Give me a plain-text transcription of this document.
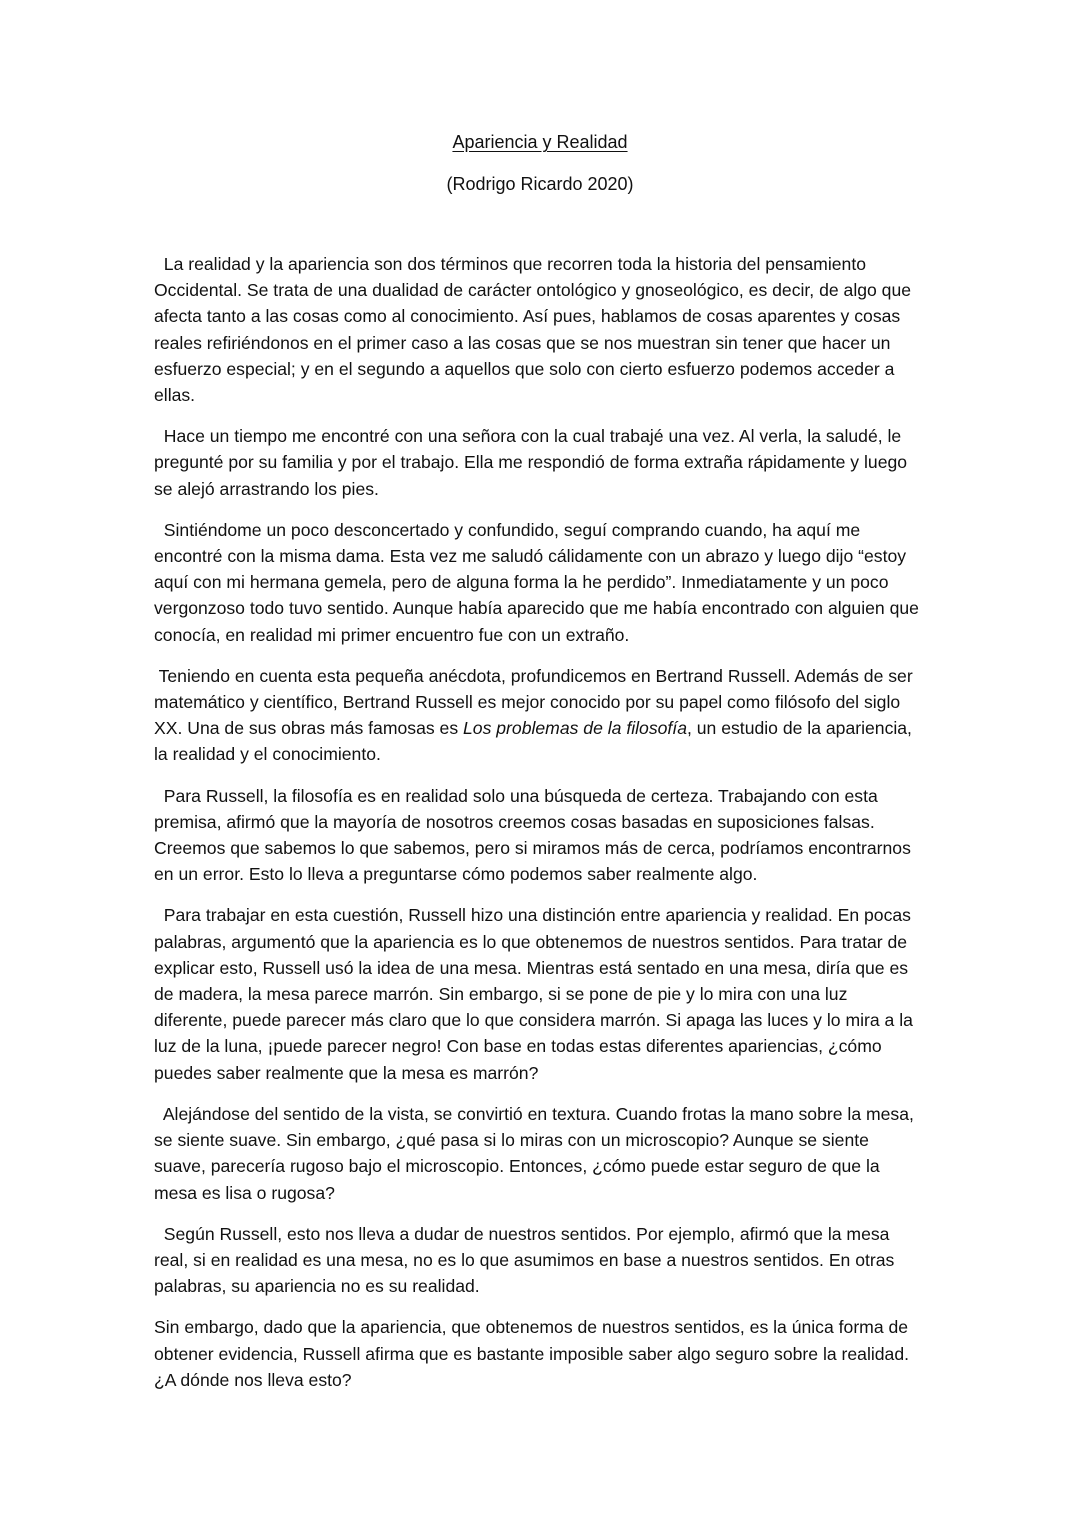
Apariencia y Realidad
(Rodrigo Ricardo 2020)

La realidad y la apariencia son dos términos que recorren toda la historia del pensamiento Occidental. Se trata de una dualidad de carácter ontológico y gnoseológico, es decir, de algo que afecta tanto a las cosas como al conocimiento. Así pues, hablamos de cosas aparentes y cosas reales refiriéndonos en el primer caso a las cosas que se nos muestran sin tener que hacer un esfuerzo especial; y en el segundo a aquellos que solo con cierto esfuerzo podemos acceder a ellas.

Hace un tiempo me encontré con una señora con la cual trabajé una vez. Al verla, la saludé, le pregunté por su familia y por el trabajo. Ella me respondió de forma extraña rápidamente y luego se alejó arrastrando los pies.

Sintiéndome un poco desconcertado y confundido, seguí comprando cuando, ha aquí me encontré con la misma dama. Esta vez me saludó cálidamente con un abrazo y luego dijo “estoy aquí con mi hermana gemela, pero de alguna forma la he perdido”. Inmediatamente y un poco vergonzoso todo tuvo sentido. Aunque había aparecido que me había encontrado con alguien que conocía, en realidad mi primer encuentro fue con un extraño.

Teniendo en cuenta esta pequeña anécdota, profundicemos en Bertrand Russell. Además de ser matemático y científico, Bertrand Russell es mejor conocido por su papel como filósofo del siglo XX. Una de sus obras más famosas es Los problemas de la filosofía, un estudio de la apariencia, la realidad y el conocimiento.

Para Russell, la filosofía es en realidad solo una búsqueda de certeza. Trabajando con esta premisa, afirmó que la mayoría de nosotros creemos cosas basadas en suposiciones falsas. Creemos que sabemos lo que sabemos, pero si miramos más de cerca, podríamos encontrarnos en un error. Esto lo lleva a preguntarse cómo podemos saber realmente algo.

Para trabajar en esta cuestión, Russell hizo una distinción entre apariencia y realidad. En pocas palabras, argumentó que la apariencia es lo que obtenemos de nuestros sentidos. Para tratar de explicar esto, Russell usó la idea de una mesa. Mientras está sentado en una mesa, diría que es de madera, la mesa parece marrón. Sin embargo, si se pone de pie y lo mira con una luz diferente, puede parecer más claro que lo que considera marrón. Si apaga las luces y lo mira a la luz de la luna, ¡puede parecer negro! Con base en todas estas diferentes apariencias, ¿cómo puedes saber realmente que la mesa es marrón?

Alejándose del sentido de la vista, se convirtió en textura. Cuando frotas la mano sobre la mesa, se siente suave. Sin embargo, ¿qué pasa si lo miras con un microscopio? Aunque se siente suave, parecería rugoso bajo el microscopio. Entonces, ¿cómo puede estar seguro de que la mesa es lisa o rugosa?

Según Russell, esto nos lleva a dudar de nuestros sentidos. Por ejemplo, afirmó que la mesa real, si en realidad es una mesa, no es lo que asumimos en base a nuestros sentidos. En otras palabras, su apariencia no es su realidad.

Sin embargo, dado que la apariencia, que obtenemos de nuestros sentidos, es la única forma de obtener evidencia, Russell afirma que es bastante imposible saber algo seguro sobre la realidad. ¿A dónde nos lleva esto?
